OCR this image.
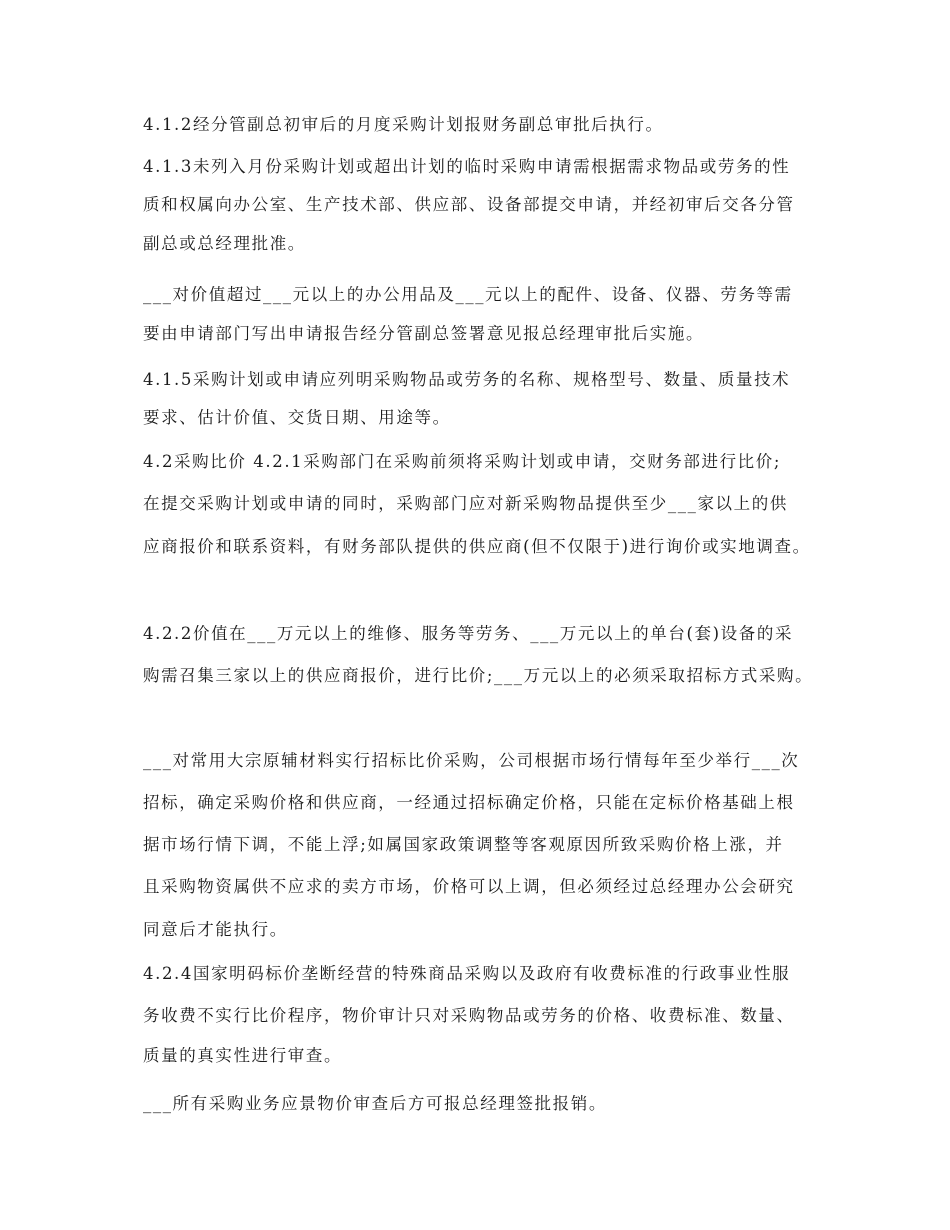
4.1.2经分管副总初审后的月度采购计划报财务副总审批后执行。
4.1.3未列入月份采购计划或超出计划的临时采购申请需根据需求物品或劳务的性
质和权属向办公室、生产技术部、供应部、设备部提交申请，并经初审后交各分管
副总或总经理批准。
___对价值超过___元以上的办公用品及___元以上的配件、设备、仪器、劳务等需
要由申请部门写出申请报告经分管副总签署意见报总经理审批后实施。
4.1.5采购计划或申请应列明采购物品或劳务的名称、规格型号、数量、质量技术
要求、估计价值、交货日期、用途等。
4.2采购比价 4.2.1采购部门在采购前须将采购计划或申请，交财务部进行比价;
在提交采购计划或申请的同时，采购部门应对新采购物品提供至少___家以上的供
应商报价和联系资料，有财务部队提供的供应商(但不仅限于)进行询价或实地调查。
4.2.2价值在___万元以上的维修、服务等劳务、___万元以上的单台(套)设备的采
购需召集三家以上的供应商报价，进行比价;___万元以上的必须采取招标方式采购。
___对常用大宗原辅材料实行招标比价采购，公司根据市场行情每年至少举行___次
招标，确定采购价格和供应商，一经通过招标确定价格，只能在定标价格基础上根
据市场行情下调，不能上浮;如属国家政策调整等客观原因所致采购价格上涨，并
且采购物资属供不应求的卖方市场，价格可以上调，但必须经过总经理办公会研究
同意后才能执行。
4.2.4国家明码标价垄断经营的特殊商品采购以及政府有收费标准的行政事业性服
务收费不实行比价程序，物价审计只对采购物品或劳务的价格、收费标准、数量、
质量的真实性进行审查。
___所有采购业务应景物价审查后方可报总经理签批报销。
